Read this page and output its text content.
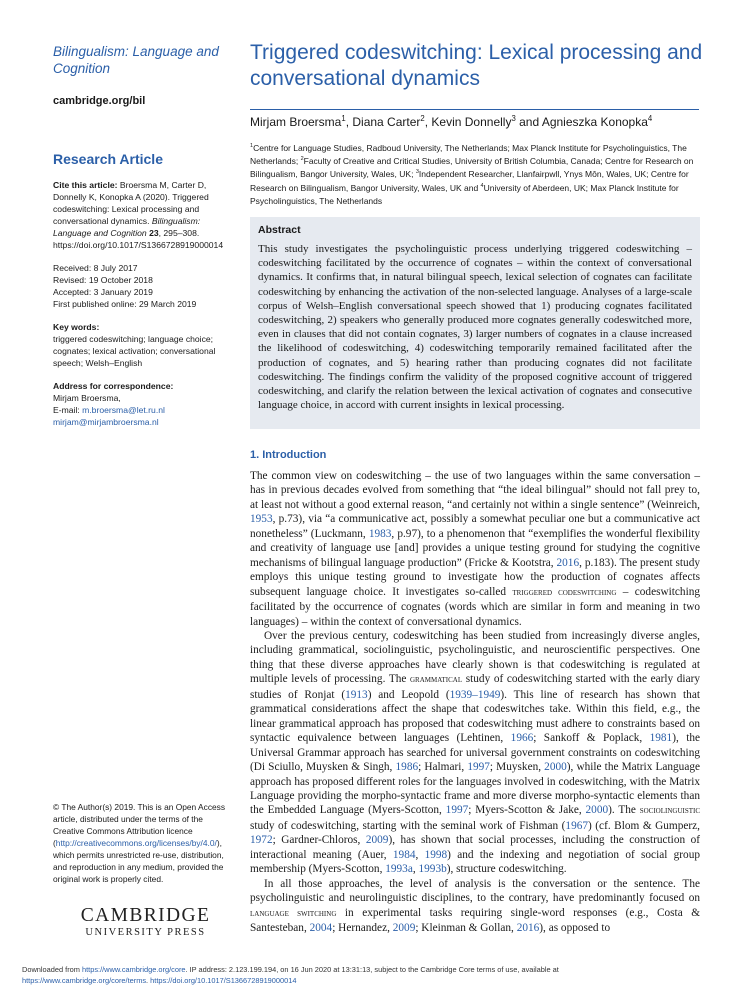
Bilingualism: Language and Cognition
cambridge.org/bil
Research Article
Cite this article: Broersma M, Carter D, Donnelly K, Konopka A (2020). Triggered codeswitching: Lexical processing and conversational dynamics. Bilingualism: Language and Cognition 23, 295–308. https://doi.org/10.1017/S1366728919000014

Received: 8 July 2017

Revised: 19 October 2018

Accepted: 3 January 2019

First published online: 29 March 2019

Key words:

triggered codeswitching; language choice; cognates; lexical activation; conversational speech; Welsh–English

Address for correspondence:

Mirjam Broersma,

E-mail: m.broersma@let.ru.nl

mirjam@mirjambroersma.nl

© The Author(s) 2019. This is an Open Access article, distributed under the terms of the Creative Commons Attribution licence (http://creativecommons.org/licenses/by/4.0/), which permits unrestricted re-use, distribution, and reproduction in any medium, provided the original work is properly cited.
CAMBRIDGE
UNIVERSITY PRESS
Triggered codeswitching: Lexical processing and conversational dynamics
Mirjam Broersma$^1$, Diana Carter$^2$, Kevin Donnelly$^3$ and Agnieszka Konopka$^4$
$^1$Centre for Language Studies, Radboud University, The Netherlands; Max Planck Institute for Psycholinguistics, The Netherlands; $^2$Faculty of Creative and Critical Studies, University of British Columbia, Canada; Centre for Research on Bilingualism, Bangor University, Wales, UK; $^3$Independent Researcher, Llanfairpwll, Ynys Môn, Wales, UK; Centre for Research on Bilingualism, Bangor University, Wales, UK and $^4$University of Aberdeen, UK; Max Planck Institute for Psycholinguistics, The Netherlands
Abstract
This study investigates the psycholinguistic process underlying triggered codeswitching – codeswitching facilitated by the occurrence of cognates – within the context of conversational dynamics. It confirms that, in natural bilingual speech, lexical selection of cognates can facilitate codeswitching by enhancing the activation of the non-selected language. Analyses of a large-scale corpus of Welsh–English conversational speech showed that 1) producing cognates facilitated codeswitching, 2) speakers who generally produced more cognates generally codeswitched more, even in clauses that did not contain cognates, 3) larger numbers of cognates in a clause increased the likelihood of codeswitching, 4) codeswitching temporarily remained facilitated after the production of cognates, and 5) hearing rather than producing cognates did not facilitate codeswitching. The findings confirm the validity of the proposed cognitive account of triggered codeswitching, and clarify the relation between the lexical activation of cognates and consecutive language choice, in accord with current insights in lexical processing.
1. Introduction

The common view on codeswitching – the use of two languages within the same conversation – has in previous decades evolved from something that “the ideal bilingual” should not fall prey to, at least not without a good external reason, “and certainly not within a single sentence” (Weinreich, 1953, p.73), via “a communicative act, possibly a somewhat peculiar one but a communicative act nonetheless” (Luckmann, 1983, p.97), to a phenomenon that “exemplifies the wonderful flexibility and creativity of language use [and] provides a unique testing ground for studying the cognitive mechanisms of bilingual language production” (Fricke & Kootstra, 2016, p.183). The present study employs this unique testing ground to investigate how the production of cognates affects subsequent language choice. It investigates so-called triggered codeswitching – codeswitching facilitated by the occurrence of cognates (words which are similar in form and meaning in two languages) – within the context of conversational dynamics.

Over the previous century, codeswitching has been studied from increasingly diverse angles, including grammatical, sociolinguistic, psycholinguistic, and neuroscientific perspectives. One thing that these diverse approaches have clearly shown is that codeswitching is regulated at multiple levels of processing. The grammatical study of codeswitching started with the early diary studies of Ronjat (1913) and Leopold (1939–1949). This line of research has shown that grammatical considerations affect the shape that codeswitches take. Within this field, e.g., the linear grammatical approach has proposed that codeswitching must adhere to constraints based on syntactic equivalence between languages (Lehtinen, 1966; Sankoff & Poplack, 1981), the Universal Grammar approach has searched for universal government constraints on codeswitching (Di Sciullo, Muysken & Singh, 1986; Halmari, 1997; Muysken, 2000), while the Matrix Language approach has proposed different roles for the languages involved in codeswitching, with the Matrix Language providing the morpho-syntactic frame and more diverse morpho-syntactic elements than the Embedded Language (Myers-Scotton, 1997; Myers-Scotton & Jake, 2000). The sociolinguistic study of codeswitching, starting with the seminal work of Fishman (1967) (cf. Blom & Gumperz, 1972; Gardner-Chloros, 2009), has shown that social processes, including the construction of interactional meaning (Auer, 1984, 1998) and the indexing and negotiation of social group membership (Myers-Scotton, 1993a, 1993b), structure codeswitching.

In all those approaches, the level of analysis is the conversation or the sentence. The psycholinguistic and neurolinguistic disciplines, to the contrary, have predominantly focused on language switching in experimental tasks requiring single-word responses (e.g., Costa & Santesteban, 2004; Hernandez, 2009; Kleinman & Gollan, 2016), as opposed to

Downloaded from https://www.cambridge.org/core. IP address: 2.123.199.194, on 16 Jun 2020 at 13:31:13, subject to the Cambridge Core terms of use, available at
https://www.cambridge.org/core/terms. https://doi.org/10.1017/S1366728919000014
